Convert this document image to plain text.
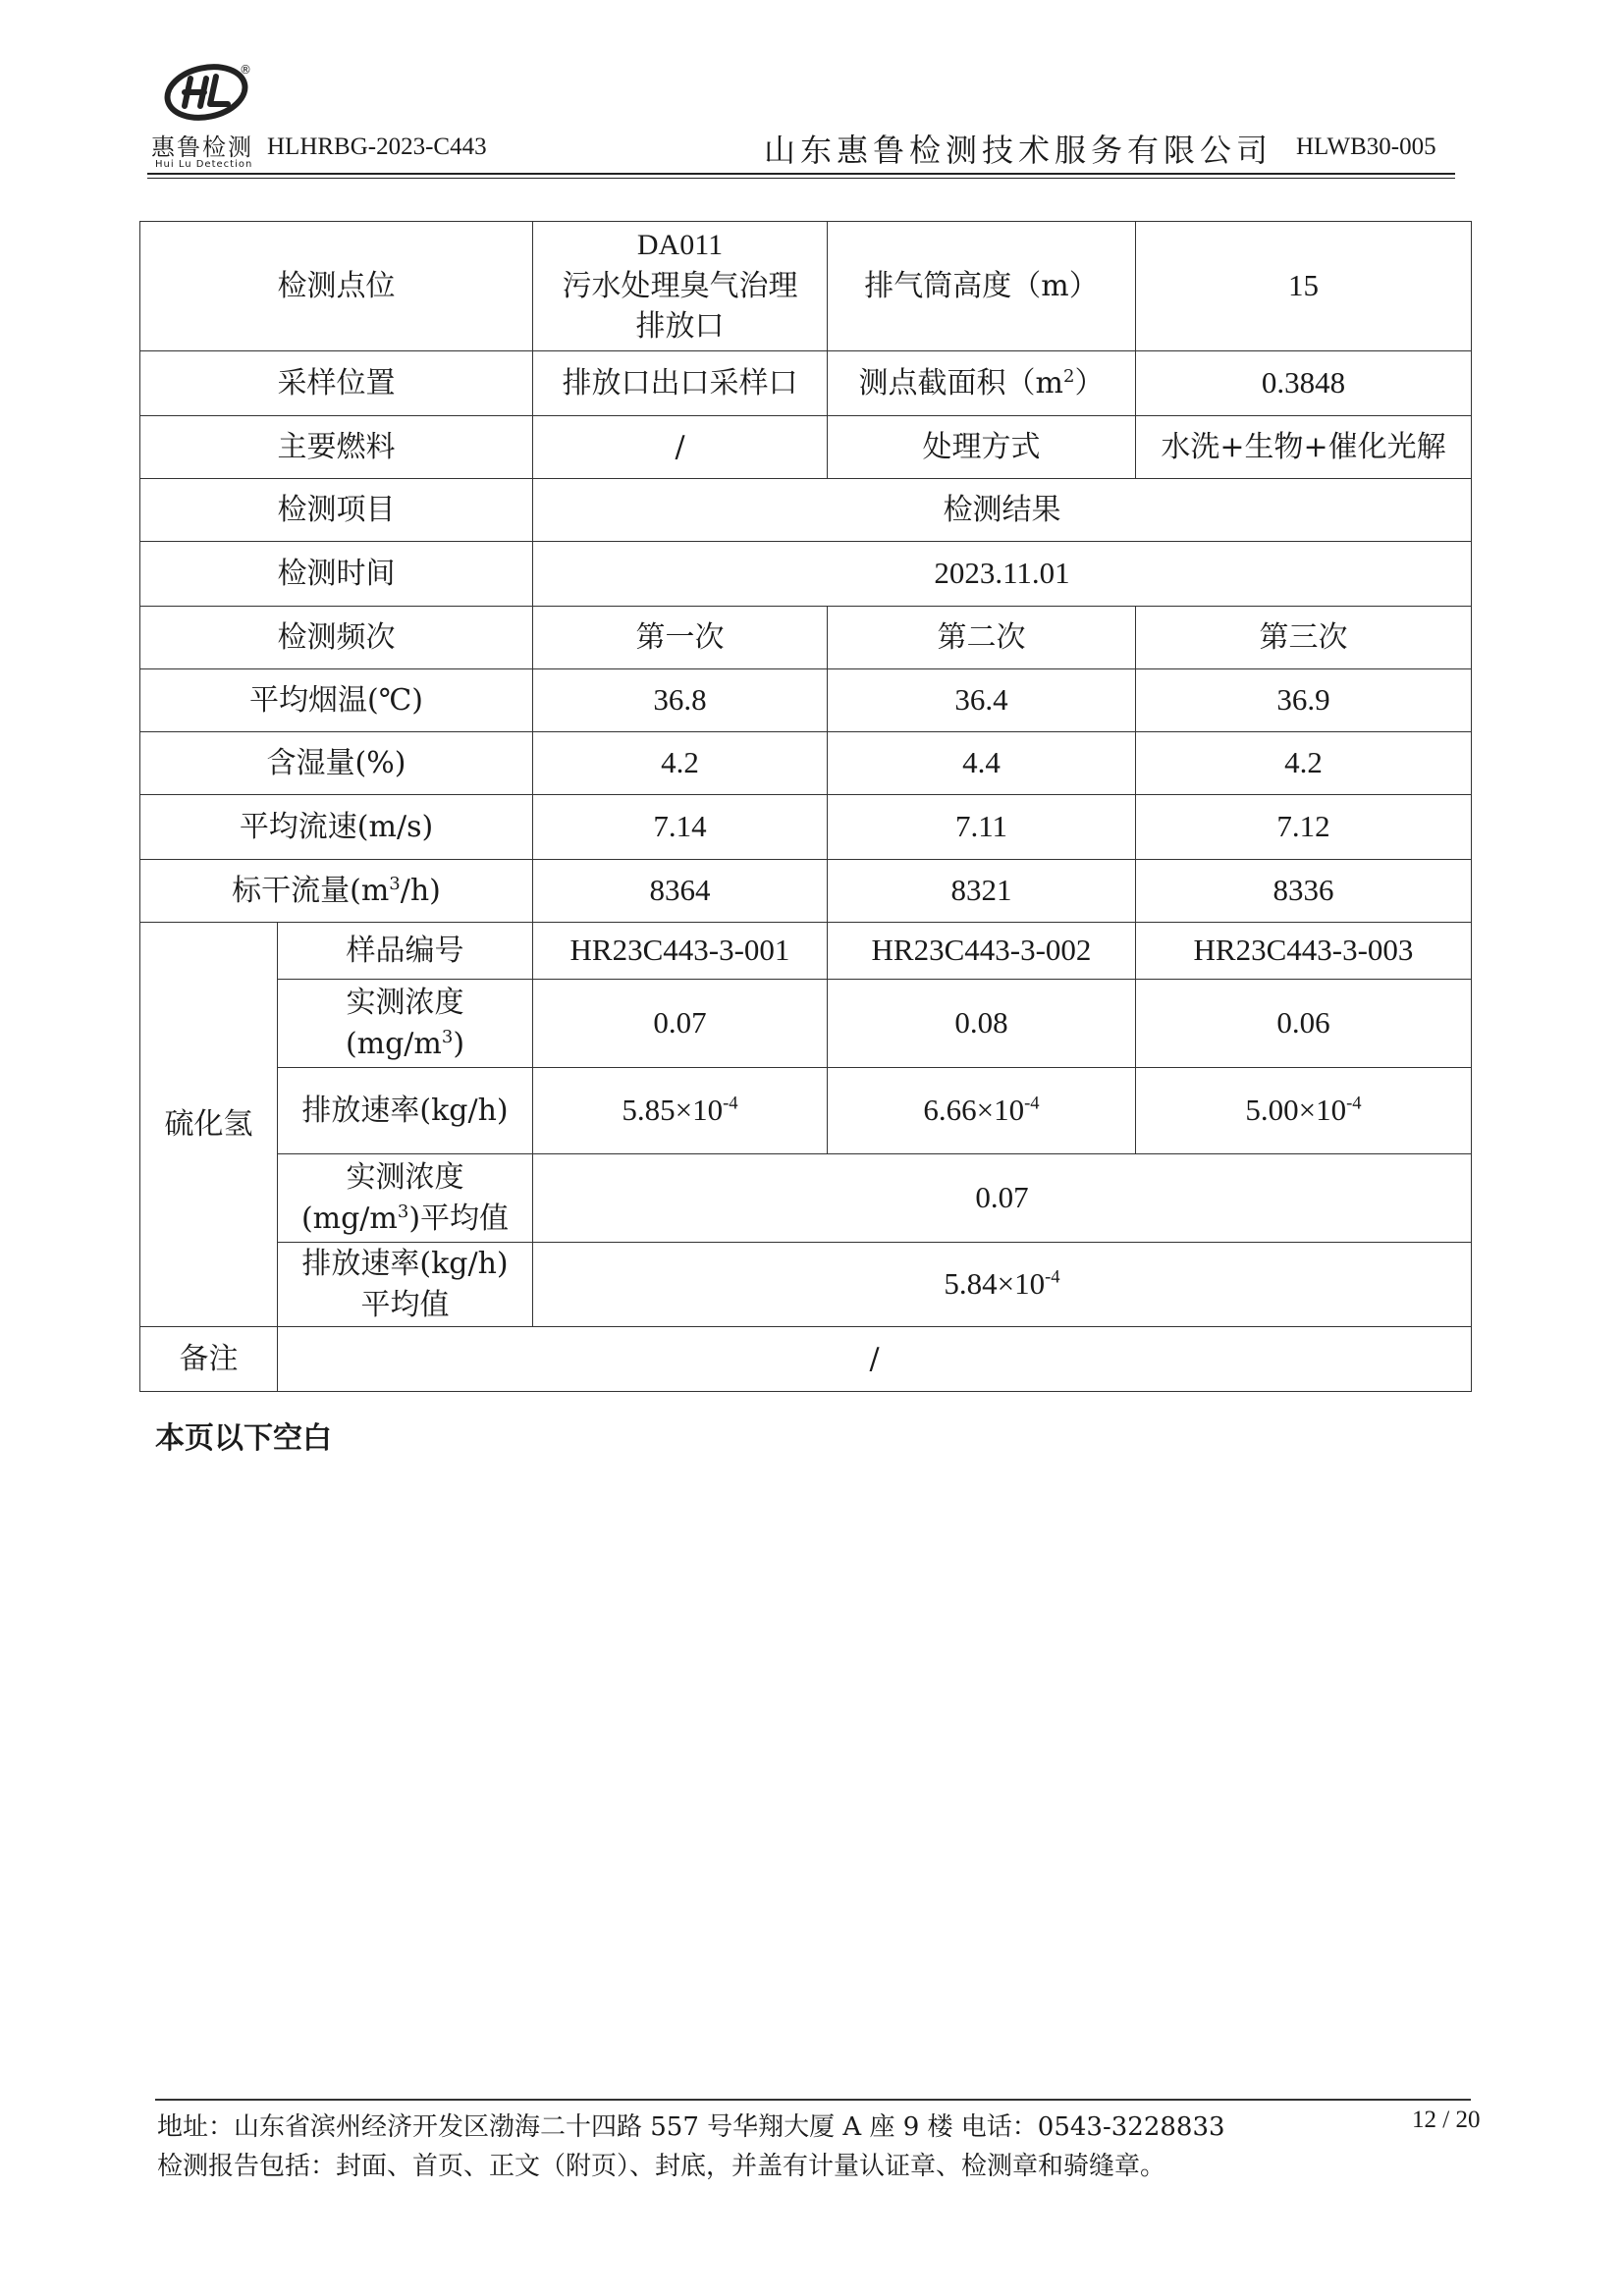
®
惠鲁检测
Hui Lu Detection
HLHRBG-2023-C443	山东惠鲁检测技术服务有限公司 HLWB30-005
检测点位		DA011
污水处理臭气治理
排放口	排气筒高度（m）	15
采样位置		排放口出口采样口	测点截面积$(m^2)$	0.3848
主要燃料		/	处理方式	水洗+生物+催化光解
检测项目		检测结果		
检测时间		2023.11.01		
检测频次		第一次	第二次	第三次
平均烟温(℃)		36.8	36.4	36.9
含湿量(%)		4.2	4.4	4.2
平均流速(m/s)		7.14	7.11	7.12
标干流量$(m^3/h)$		8364	8321	8336
硫化氢	样品编号	HR23C443-3-001	HR23C443-3-002	HR23C443-3-003
	实测浓度
$(mg/m^3)$	0.07	0.08	0.06
	排放速率(kg/h)	$5.85\times 10^{-4}$	$6.66\times 10^{-4}$	$5.00\times 10^{-4}$
	实测浓度
$(mg/m^3)$平均值	0.07		
	排放速率(kg/h)
平均值	$5.84\times 10^{-4}$
备注	/			
本页以下空白
地址：山东省滨州经济开发区渤海二十四路 557 号华翔大厦 A 座 9 楼 电话：0543-3228833	12 / 20
检测报告包括：封面、首页、正文（附页）、封底，并盖有计量认证章、检测章和骑缝章。
